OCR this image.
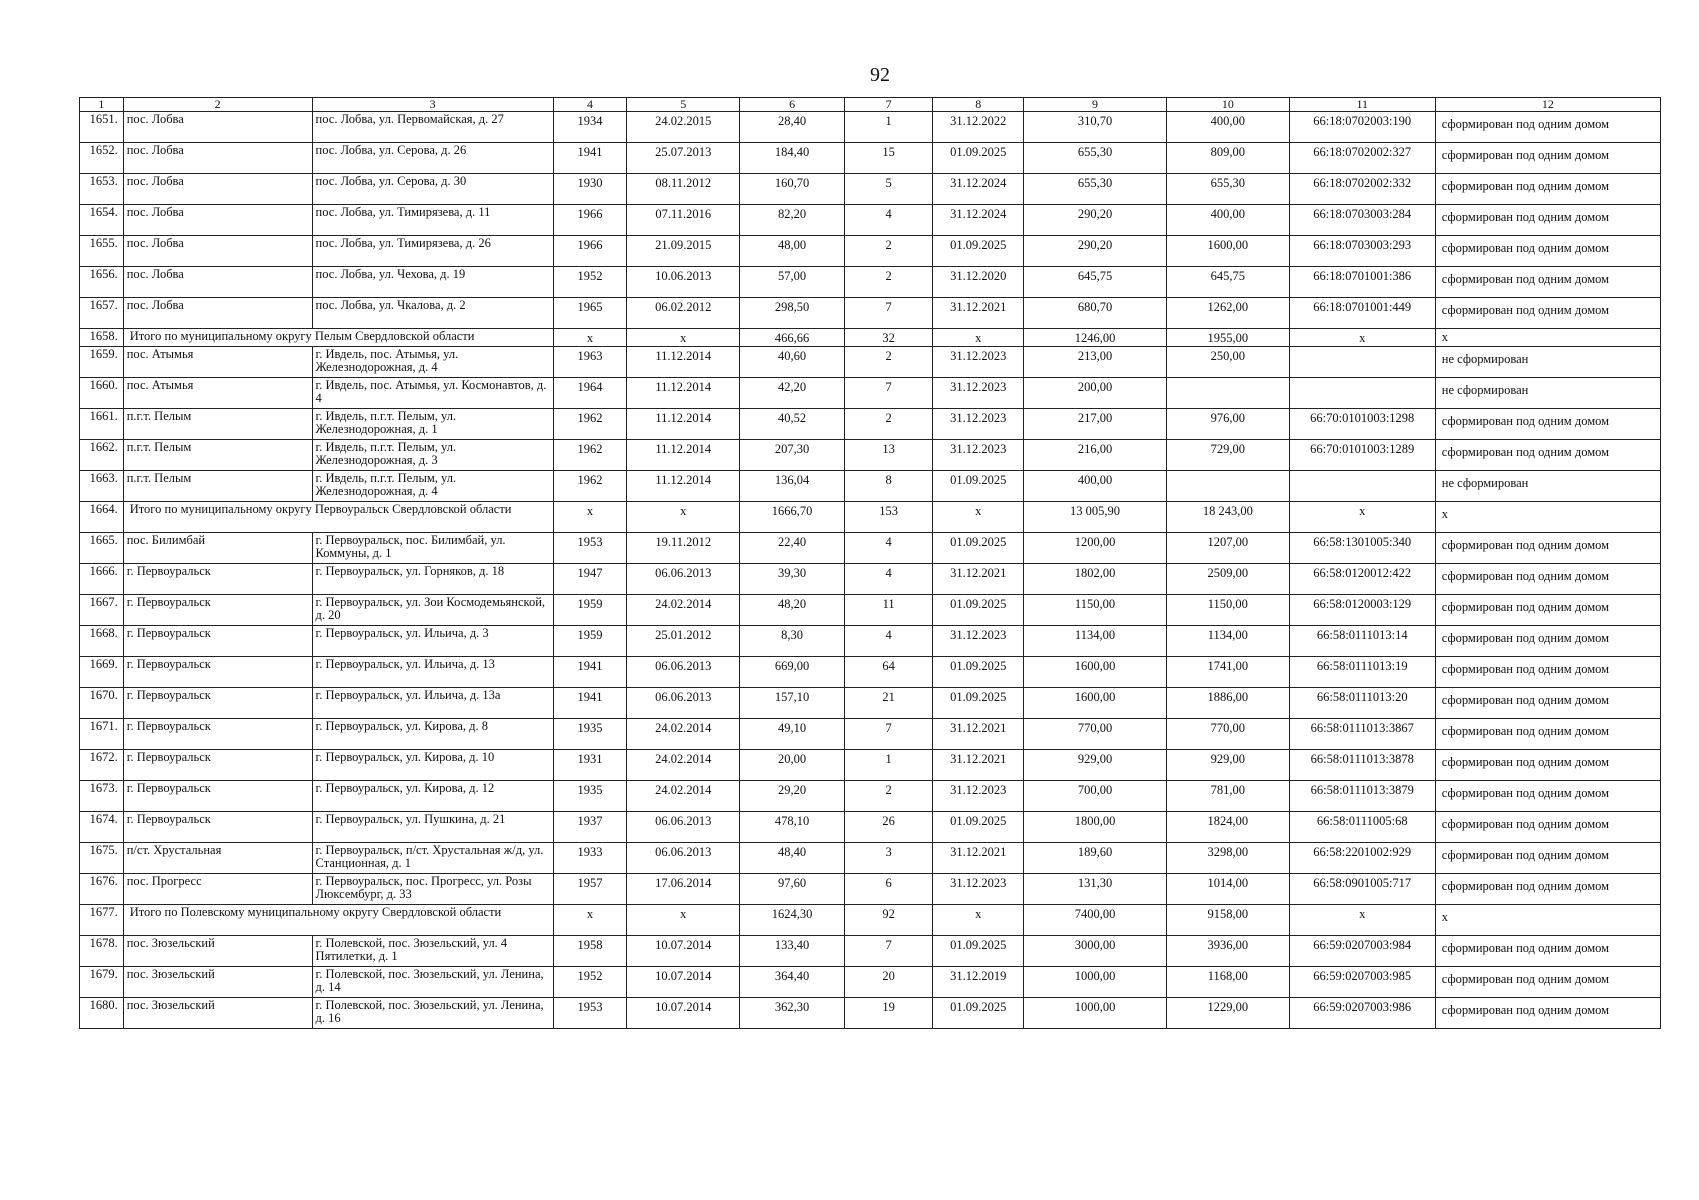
92
1	2	3	4	5	6	7	8	9	10	11	12
1651.	пос. Лобва	пос. Лобва, ул. Первомайская, д. 27	1934	24.02.2015	28,40	1	31.12.2022	310,70	400,00	66:18:0702003:190	сформирован под одним домом
1652.	пос. Лобва	пос. Лобва, ул. Серова, д. 26	1941	25.07.2013	184,40	15	01.09.2025	655,30	809,00	66:18:0702002:327	сформирован под одним домом
1653.	пос. Лобва	пос. Лобва, ул. Серова, д. 30	1930	08.11.2012	160,70	5	31.12.2024	655,30	655,30	66:18:0702002:332	сформирован под одним домом
1654.	пос. Лобва	пос. Лобва, ул. Тимирязева, д. 11	1966	07.11.2016	82,20	4	31.12.2024	290,20	400,00	66:18:0703003:284	сформирован под одним домом
1655.	пос. Лобва	пос. Лобва, ул. Тимирязева, д. 26	1966	21.09.2015	48,00	2	01.09.2025	290,20	1600,00	66:18:0703003:293	сформирован под одним домом
1656.	пос. Лобва	пос. Лобва, ул. Чехова, д. 19	1952	10.06.2013	57,00	2	31.12.2020	645,75	645,75	66:18:0701001:386	сформирован под одним домом
1657.	пос. Лобва	пос. Лобва, ул. Чкалова, д. 2	1965	06.02.2012	298,50	7	31.12.2021	680,70	1262,00	66:18:0701001:449	сформирован под одним домом
1658.	Итого по муниципальному округу Пелым Свердловской области		x	x	466,66	32	x	1246,00	1955,00	x	x
1659.	пос. Атымья	г. Ивдель, пос. Атымья, ул. Железнодорожная, д. 4	1963	11.12.2014	40,60	2	31.12.2023	213,00	250,00		не сформирован
1660.	пос. Атымья	г. Ивдель, пос. Атымья, ул. Космонавтов, д. 4	1964	11.12.2014	42,20	7	31.12.2023	200,00			не сформирован
1661.	п.г.т. Пелым	г. Ивдель, п.г.т. Пелым, ул. Железнодорожная, д. 1	1962	11.12.2014	40,52	2	31.12.2023	217,00	976,00	66:70:0101003:1298	сформирован под одним домом
1662.	п.г.т. Пелым	г. Ивдель, п.г.т. Пелым, ул. Железнодорожная, д. 3	1962	11.12.2014	207,30	13	31.12.2023	216,00	729,00	66:70:0101003:1289	сформирован под одним домом
1663.	п.г.т. Пелым	г. Ивдель, п.г.т. Пелым, ул. Железнодорожная, д. 4	1962	11.12.2014	136,04	8	01.09.2025	400,00			не сформирован
1664.	Итого по муниципальному округу Первоуральск Свердловской области		x	x	1666,70	153	x	13 005,90	18 243,00	x	x
1665.	пос. Билимбай	г. Первоуральск, пос. Билимбай, ул. Коммуны, д. 1	1953	19.11.2012	22,40	4	01.09.2025	1200,00	1207,00	66:58:1301005:340	сформирован под одним домом
1666.	г. Первоуральск	г. Первоуральск, ул. Горняков, д. 18	1947	06.06.2013	39,30	4	31.12.2021	1802,00	2509,00	66:58:0120012:422	сформирован под одним домом
1667.	г. Первоуральск	г. Первоуральск, ул. Зои Космодемьянской, д. 20	1959	24.02.2014	48,20	11	01.09.2025	1150,00	1150,00	66:58:0120003:129	сформирован под одним домом
1668.	г. Первоуральск	г. Первоуральск, ул. Ильича, д. 3	1959	25.01.2012	8,30	4	31.12.2023	1134,00	1134,00	66:58:0111013:14	сформирован под одним домом
1669.	г. Первоуральск	г. Первоуральск, ул. Ильича, д. 13	1941	06.06.2013	669,00	64	01.09.2025	1600,00	1741,00	66:58:0111013:19	сформирован под одним домом
1670.	г. Первоуральск	г. Первоуральск, ул. Ильича, д. 13а	1941	06.06.2013	157,10	21	01.09.2025	1600,00	1886,00	66:58:0111013:20	сформирован под одним домом
1671.	г. Первоуральск	г. Первоуральск, ул. Кирова, д. 8	1935	24.02.2014	49,10	7	31.12.2021	770,00	770,00	66:58:0111013:3867	сформирован под одним домом
1672.	г. Первоуральск	г. Первоуральск, ул. Кирова, д. 10	1931	24.02.2014	20,00	1	31.12.2021	929,00	929,00	66:58:0111013:3878	сформирован под одним домом
1673.	г. Первоуральск	г. Первоуральск, ул. Кирова, д. 12	1935	24.02.2014	29,20	2	31.12.2023	700,00	781,00	66:58:0111013:3879	сформирован под одним домом
1674.	г. Первоуральск	г. Первоуральск, ул. Пушкина, д. 21	1937	06.06.2013	478,10	26	01.09.2025	1800,00	1824,00	66:58:0111005:68	сформирован под одним домом
1675.	п/ст. Хрустальная	г. Первоуральск, п/ст. Хрустальная ж/д, ул. Станционная, д. 1	1933	06.06.2013	48,40	3	31.12.2021	189,60	3298,00	66:58:2201002:929	сформирован под одним домом
1676.	пос. Прогресс	г. Первоуральск, пос. Прогресс, ул. Розы Люксембург, д. 33	1957	17.06.2014	97,60	6	31.12.2023	131,30	1014,00	66:58:0901005:717	сформирован под одним домом
1677.	Итого по Полевскому муниципальному округу Свердловской области		x	x	1624,30	92	x	7400,00	9158,00	x	x
1678.	пос. Зюзельский	г. Полевской, пос. Зюзельский, ул. 4 Пятилетки, д. 1	1958	10.07.2014	133,40	7	01.09.2025	3000,00	3936,00	66:59:0207003:984	сформирован под одним домом
1679.	пос. Зюзельский	г. Полевской, пос. Зюзельский, ул. Ленина, д. 14	1952	10.07.2014	364,40	20	31.12.2019	1000,00	1168,00	66:59:0207003:985	сформирован под одним домом
1680.	пос. Зюзельский	г. Полевской, пос. Зюзельский, ул. Ленина, д. 16	1953	10.07.2014	362,30	19	01.09.2025	1000,00	1229,00	66:59:0207003:986	сформирован под одним домом
